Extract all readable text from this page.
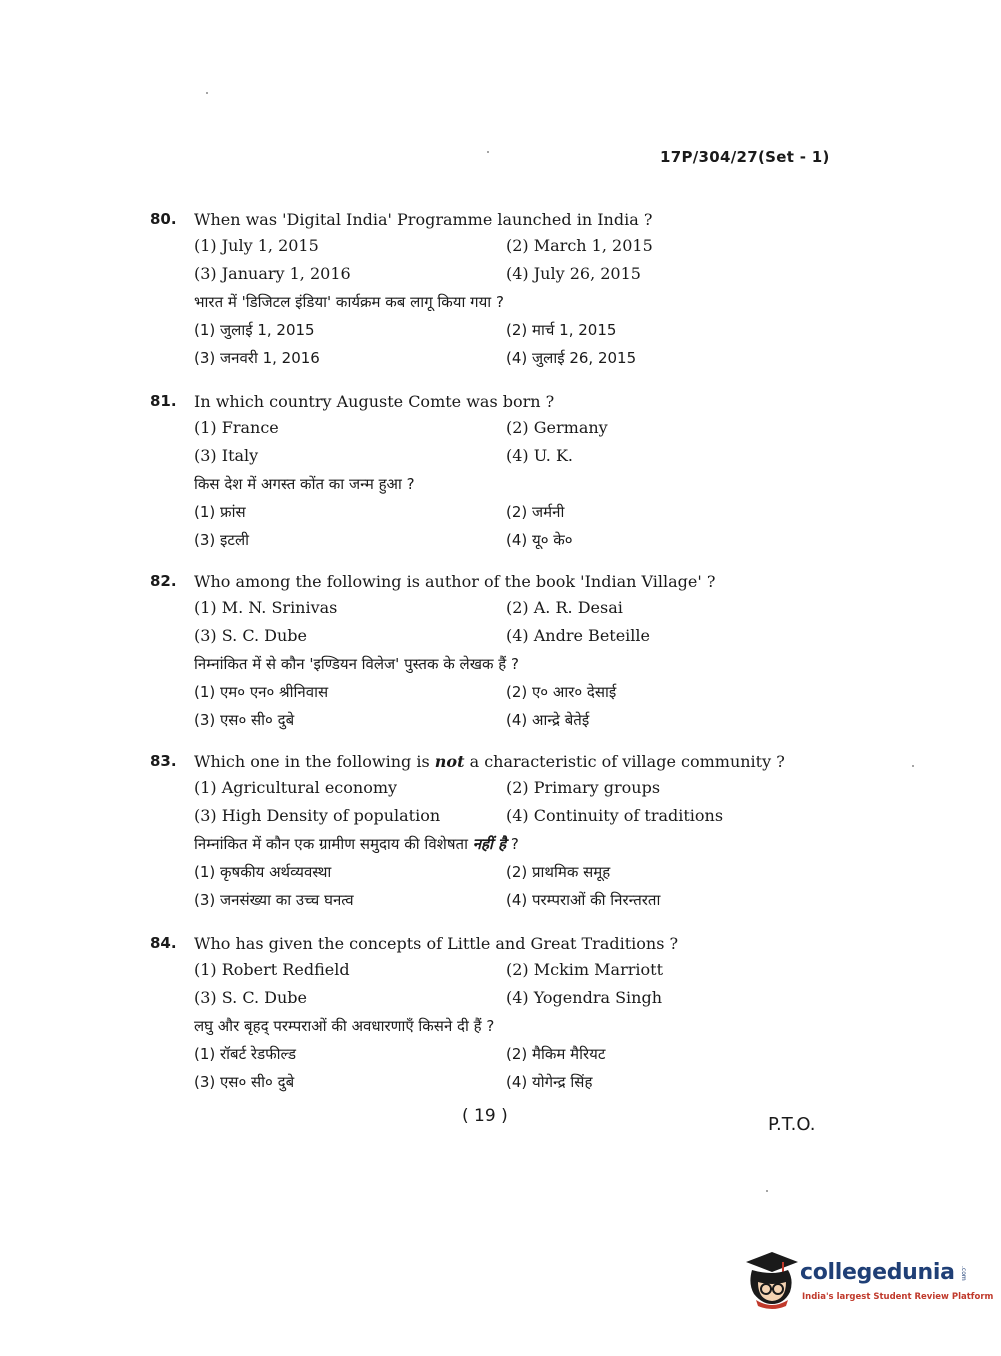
17P/304/27(Set - 1)
80. When was 'Digital India' Programme launched in India ?
(1) July 1, 2015	(2) March 1, 2015
(3) January 1, 2016	(4) July 26, 2015
भारत में 'डिजिटल इंडिया' कार्यक्रम कब लागू किया गया ?
(1) जुलाई 1, 2015	(2) मार्च 1, 2015
(3) जनवरी 1, 2016	(4) जुलाई 26, 2015
81. In which country Auguste Comte was born ?
(1) France	(2) Germany
(3) Italy	(4) U. K.
किस देश में अगस्त कोंत का जन्म हुआ ?
(1) फ्रांस	(2) जर्मनी
(3) इटली	(4) यू० के०
82. Who among the following is author of the book 'Indian Village' ?
(1) M. N. Srinivas	(2) A. R. Desai
(3) S. C. Dube	(4) Andre Beteille
निम्नांकित में से कौन 'इण्डियन विलेज' पुस्तक के लेखक हैं ?
(1) एम० एन० श्रीनिवास	(2) ए० आर० देसाई
(3) एस० सी० दुबे	(4) आन्द्रे बेतेई
83. Which one in the following is not a characteristic of village community ?
(1) Agricultural economy	(2) Primary groups
(3) High Density of population	(4) Continuity of traditions
निम्नांकित में कौन एक ग्रामीण समुदाय की विशेषता नहीं है ?
(1) कृषकीय अर्थव्यवस्था	(2) प्राथमिक समूह
(3) जनसंख्या का उच्च घनत्व	(4) परम्पराओं की निरन्तरता
84. Who has given the concepts of Little and Great Traditions ?
(1) Robert Redfield	(2) Mckim Marriott
(3) S. C. Dube	(4) Yogendra Singh
लघु और बृहद् परम्पराओं की अवधारणाएँ किसने दी हैं ?
(1) रॉबर्ट रेडफील्ड	(2) मैकिम मैरियट
(3) एस० सी० दुबे	(4) योगेन्द्र सिंह
( 19 )	P.T.O.
collegedunia .com
India's largest Student Review Platform
